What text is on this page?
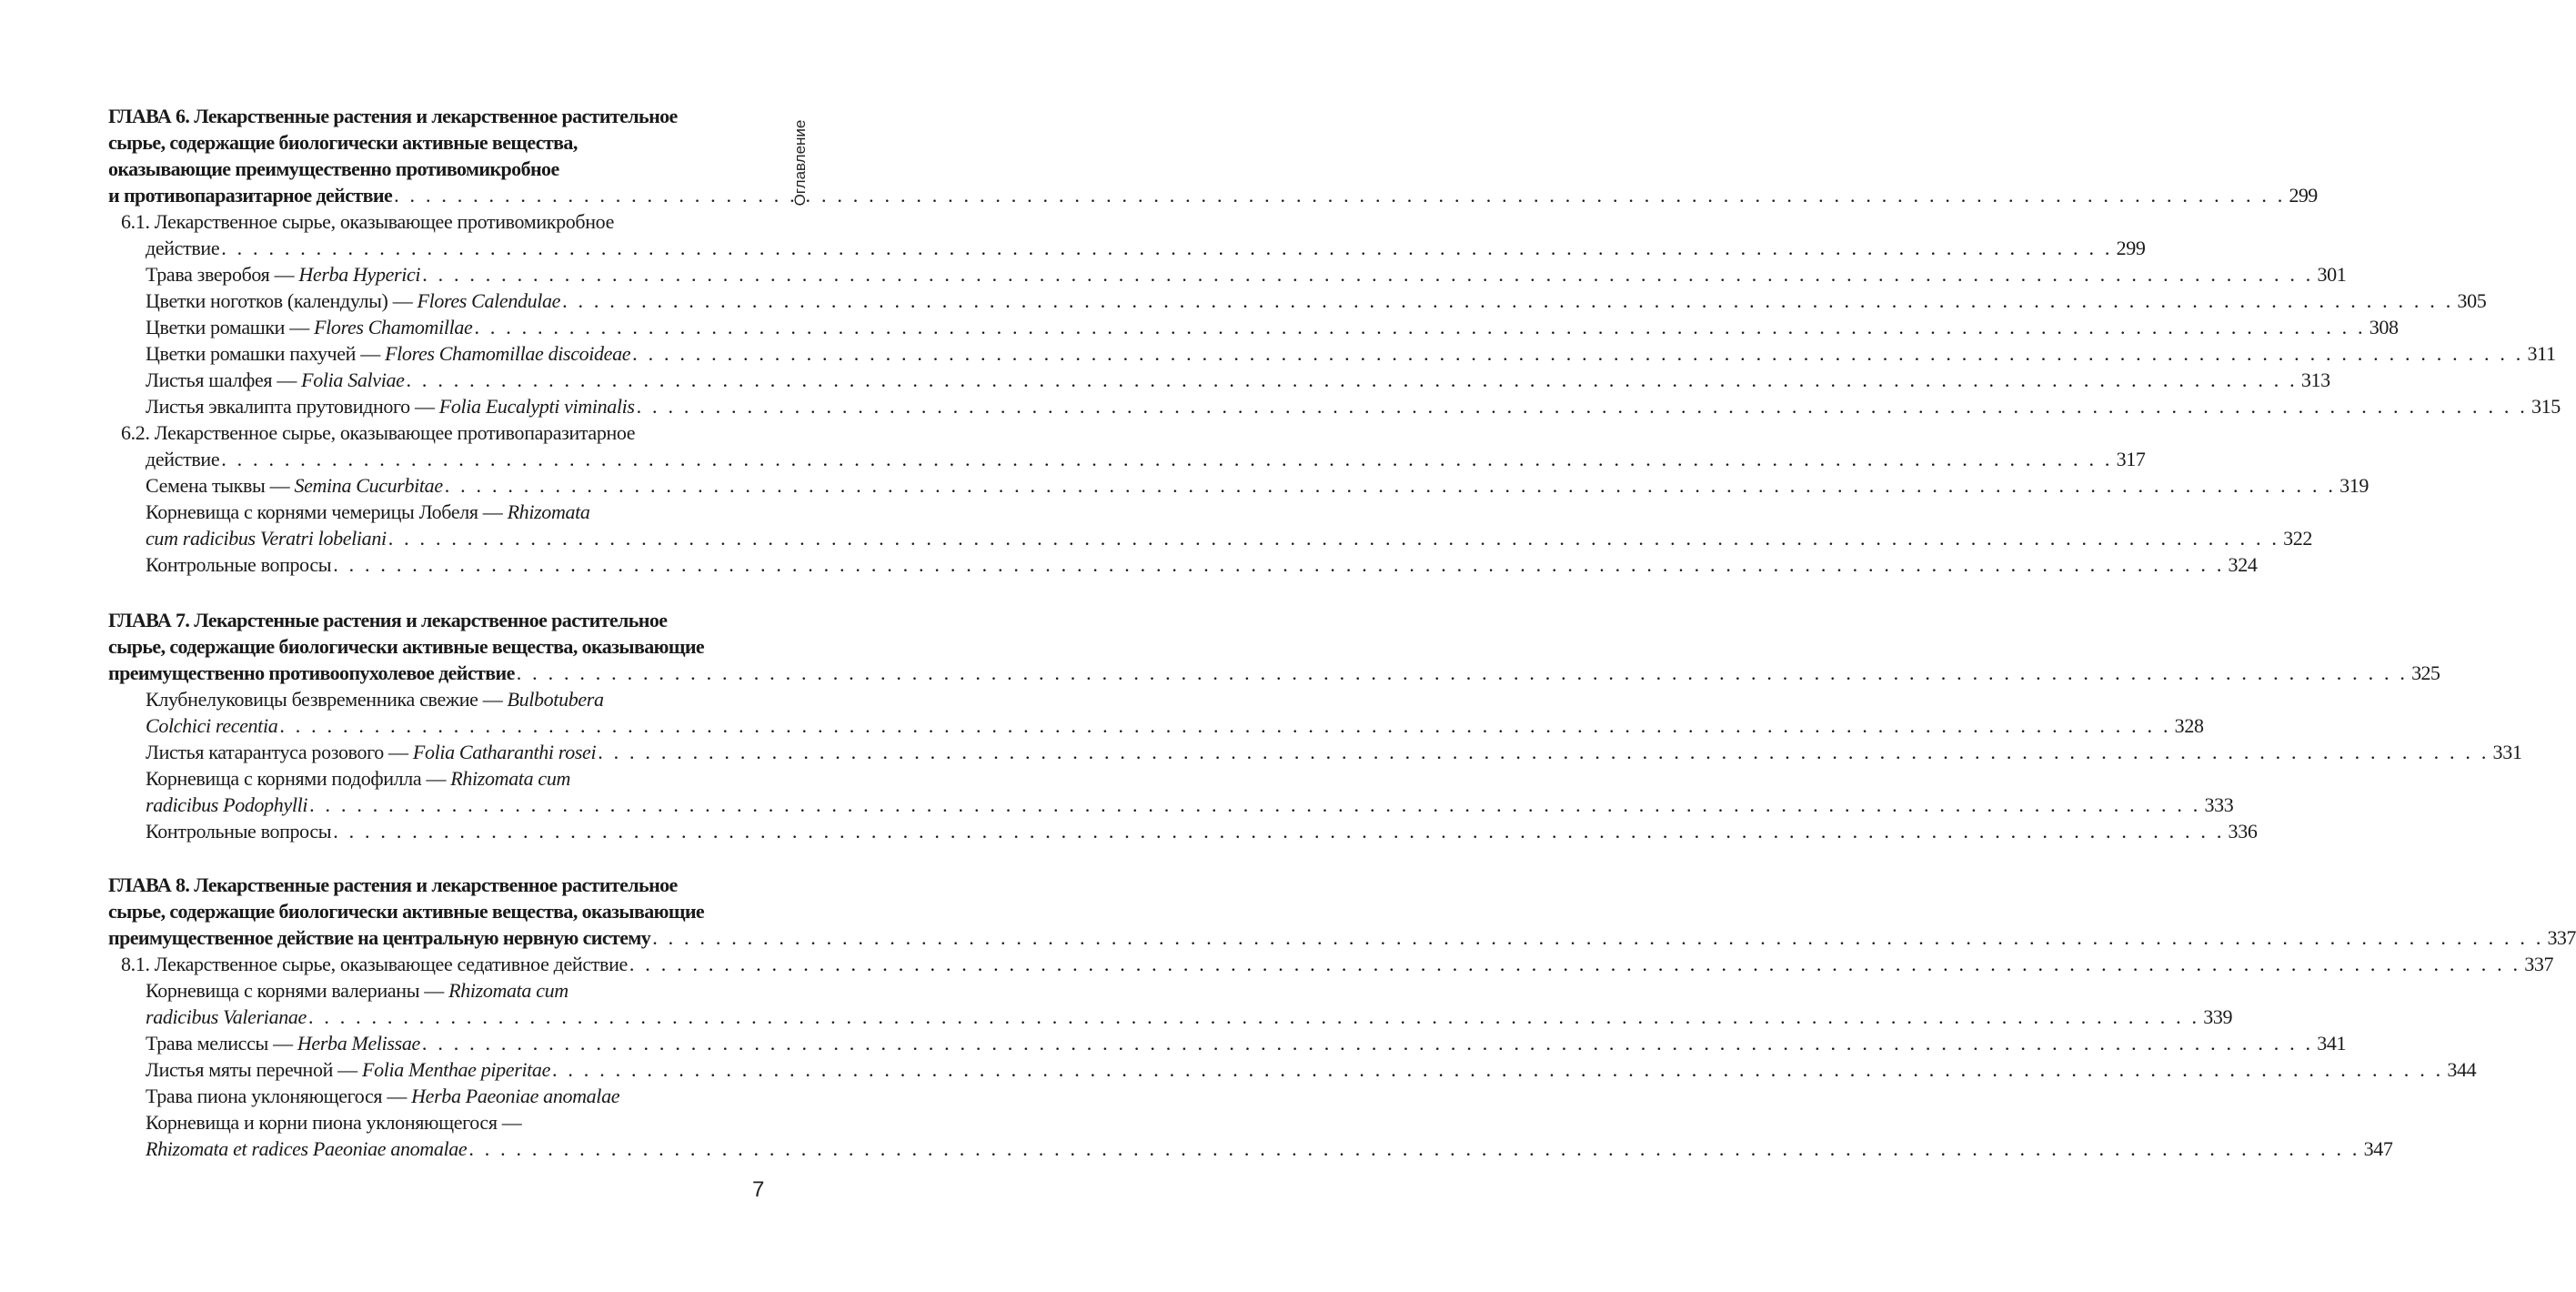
ГЛАВА 6. Лекарственные растения и лекарственное растительное
сырье, содержащие биологически активные вещества,
оказывающие преимущественно противомикробное
и противопаразитарное действие . . . . . . . . . . . . . . . . . . . . . . . . . . . . . . . . . . . . . . . . . . . . . . . . . . . . . . . . . . . . . . . . . . . . . . . . . . . . . . . . . . . . . . . . . . . . . . . . . . . . . . . . . . . . . . . . . . . . . . . . 299
6.1. Лекарственное сырье, оказывающее противомикробное
действие . . . . . . . . . . . . . . . . . . . . . . . . . . . . . . . . . . . . . . . . . . . . . . . . . . . . . . . . . . . . . . . . . . . . . . . . . . . . . . . . . . . . . . . . . . . . . . . . . . . . . . . . . . . . . . . . . . . . . . . . 299
Трава зверобоя — Herba Hyperici . . . . . . . . . . . . . . . . . . . . . . . . . . . . . . . . . . . . . . . . . . . . . . . . . . . . . . . . . . . . . . . . . . . . . . . . . . . . . . . . . . . . . . . . . . . . . . . . . . . . . . . . . . . . . . . . . . . . . . . . 301
Цветки ноготков (календулы) — Flores Calendulae . . . . . . . . . . . . . . . . . . . . . . . . . . . . . . . . . . . . . . . . . . . . . . . . . . . . . . . . . . . . . . . . . . . . . . . . . . . . . . . . . . . . . . . . . . . . . . . . . . . . . . . . . . . . . . . . . . . . . . . . 305
Цветки ромашки — Flores Chamomillae . . . . . . . . . . . . . . . . . . . . . . . . . . . . . . . . . . . . . . . . . . . . . . . . . . . . . . . . . . . . . . . . . . . . . . . . . . . . . . . . . . . . . . . . . . . . . . . . . . . . . . . . . . . . . . . . . . . . . . . . 308
Цветки ромашки пахучей — Flores Chamomillae discoideae . . . . . . . . . . . . . . . . . . . . . . . . . . . . . . . . . . . . . . . . . . . . . . . . . . . . . . . . . . . . . . . . . . . . . . . . . . . . . . . . . . . . . . . . . . . . . . . . . . . . . . . . . . . . . . . . . . . . . . . . 311
Листья шалфея — Folia Salviae . . . . . . . . . . . . . . . . . . . . . . . . . . . . . . . . . . . . . . . . . . . . . . . . . . . . . . . . . . . . . . . . . . . . . . . . . . . . . . . . . . . . . . . . . . . . . . . . . . . . . . . . . . . . . . . . . . . . . . . . 313
Листья эвкалипта прутовидного — Folia Eucalypti viminalis . . . . . . . . . . . . . . . . . . . . . . . . . . . . . . . . . . . . . . . . . . . . . . . . . . . . . . . . . . . . . . . . . . . . . . . . . . . . . . . . . . . . . . . . . . . . . . . . . . . . . . . . . . . . . . . . . . . . . . . . 315
6.2. Лекарственное сырье, оказывающее противопаразитарное
действие . . . . . . . . . . . . . . . . . . . . . . . . . . . . . . . . . . . . . . . . . . . . . . . . . . . . . . . . . . . . . . . . . . . . . . . . . . . . . . . . . . . . . . . . . . . . . . . . . . . . . . . . . . . . . . . . . . . . . . . . 317
Семена тыквы — Semina Cucurbitae . . . . . . . . . . . . . . . . . . . . . . . . . . . . . . . . . . . . . . . . . . . . . . . . . . . . . . . . . . . . . . . . . . . . . . . . . . . . . . . . . . . . . . . . . . . . . . . . . . . . . . . . . . . . . . . . . . . . . . . . 319
Корневища с корнями чемерицы Лобеля — Rhizomata
cum radicibus Veratri lobeliani . . . . . . . . . . . . . . . . . . . . . . . . . . . . . . . . . . . . . . . . . . . . . . . . . . . . . . . . . . . . . . . . . . . . . . . . . . . . . . . . . . . . . . . . . . . . . . . . . . . . . . . . . . . . . . . . . . . . . . . . 322
Контрольные вопросы . . . . . . . . . . . . . . . . . . . . . . . . . . . . . . . . . . . . . . . . . . . . . . . . . . . . . . . . . . . . . . . . . . . . . . . . . . . . . . . . . . . . . . . . . . . . . . . . . . . . . . . . . . . . . . . . . . . . . . . . 324
ГЛАВА 7. Лекарстенные растения и лекарственное растительное
сырье, содержащие биологически активные вещества, оказывающие
преимущественно противоопухолевое действие . . . . . . . . . . . . . . . . . . . . . . . . . . . . . . . . . . . . . . . . . . . . . . . . . . . . . . . . . . . . . . . . . . . . . . . . . . . . . . . . . . . . . . . . . . . . . . . . . . . . . . . . . . . . . . . . . . . . . . . . 325
Клубнелуковицы безвременника свежие — Bulbotubera
Colchici recentia . . . . . . . . . . . . . . . . . . . . . . . . . . . . . . . . . . . . . . . . . . . . . . . . . . . . . . . . . . . . . . . . . . . . . . . . . . . . . . . . . . . . . . . . . . . . . . . . . . . . . . . . . . . . . . . . . . . . . . . . 328
Листья катарантуса розового — Folia Catharanthi rosei . . . . . . . . . . . . . . . . . . . . . . . . . . . . . . . . . . . . . . . . . . . . . . . . . . . . . . . . . . . . . . . . . . . . . . . . . . . . . . . . . . . . . . . . . . . . . . . . . . . . . . . . . . . . . . . . . . . . . . . . 331
Корневища с корнями подофилла — Rhizomata cum
radicibus Podophylli . . . . . . . . . . . . . . . . . . . . . . . . . . . . . . . . . . . . . . . . . . . . . . . . . . . . . . . . . . . . . . . . . . . . . . . . . . . . . . . . . . . . . . . . . . . . . . . . . . . . . . . . . . . . . . . . . . . . . . . . 333
Контрольные вопросы . . . . . . . . . . . . . . . . . . . . . . . . . . . . . . . . . . . . . . . . . . . . . . . . . . . . . . . . . . . . . . . . . . . . . . . . . . . . . . . . . . . . . . . . . . . . . . . . . . . . . . . . . . . . . . . . . . . . . . . . 336
ГЛАВА 8. Лекарственные растения и лекарственное растительное
сырье, содержащие биологически активные вещества, оказывающие
преимущественное действие на центральную нервную систему . . . . . . . . . . . . . . . . . . . . . . . . . . . . . . . . . . . . . . . . . . . . . . . . . . . . . . . . . . . . . . . . . . . . . . . . . . . . . . . . . . . . . . . . . . . . . . . . . . . . . . . . . . . . . . . . . . . . . . . . 337
8.1. Лекарственное сырье, оказывающее седативное действие . . . . . . . . . . . . . . . . . . . . . . . . . . . . . . . . . . . . . . . . . . . . . . . . . . . . . . . . . . . . . . . . . . . . . . . . . . . . . . . . . . . . . . . . . . . . . . . . . . . . . . . . . . . . . . . . . . . . . . . . 337
Корневища с корнями валерианы — Rhizomata cum
radicibus Valerianae . . . . . . . . . . . . . . . . . . . . . . . . . . . . . . . . . . . . . . . . . . . . . . . . . . . . . . . . . . . . . . . . . . . . . . . . . . . . . . . . . . . . . . . . . . . . . . . . . . . . . . . . . . . . . . . . . . . . . . . . 339
Трава мелиссы — Herba Melissae . . . . . . . . . . . . . . . . . . . . . . . . . . . . . . . . . . . . . . . . . . . . . . . . . . . . . . . . . . . . . . . . . . . . . . . . . . . . . . . . . . . . . . . . . . . . . . . . . . . . . . . . . . . . . . . . . . . . . . . . 341
Листья мяты перечной — Folia Menthae piperitae . . . . . . . . . . . . . . . . . . . . . . . . . . . . . . . . . . . . . . . . . . . . . . . . . . . . . . . . . . . . . . . . . . . . . . . . . . . . . . . . . . . . . . . . . . . . . . . . . . . . . . . . . . . . . . . . . . . . . . . . 344
Трава пиона уклоняющегося — Herba Paeoniae anomalae
Корневища и корни пиона уклоняющегося —
Rhizomata et radices Paeoniae anomalae . . . . . . . . . . . . . . . . . . . . . . . . . . . . . . . . . . . . . . . . . . . . . . . . . . . . . . . . . . . . . . . . . . . . . . . . . . . . . . . . . . . . . . . . . . . . . . . . . . . . . . . . . . . . . . . . . . . . . . . . 347
Оглавление
7
